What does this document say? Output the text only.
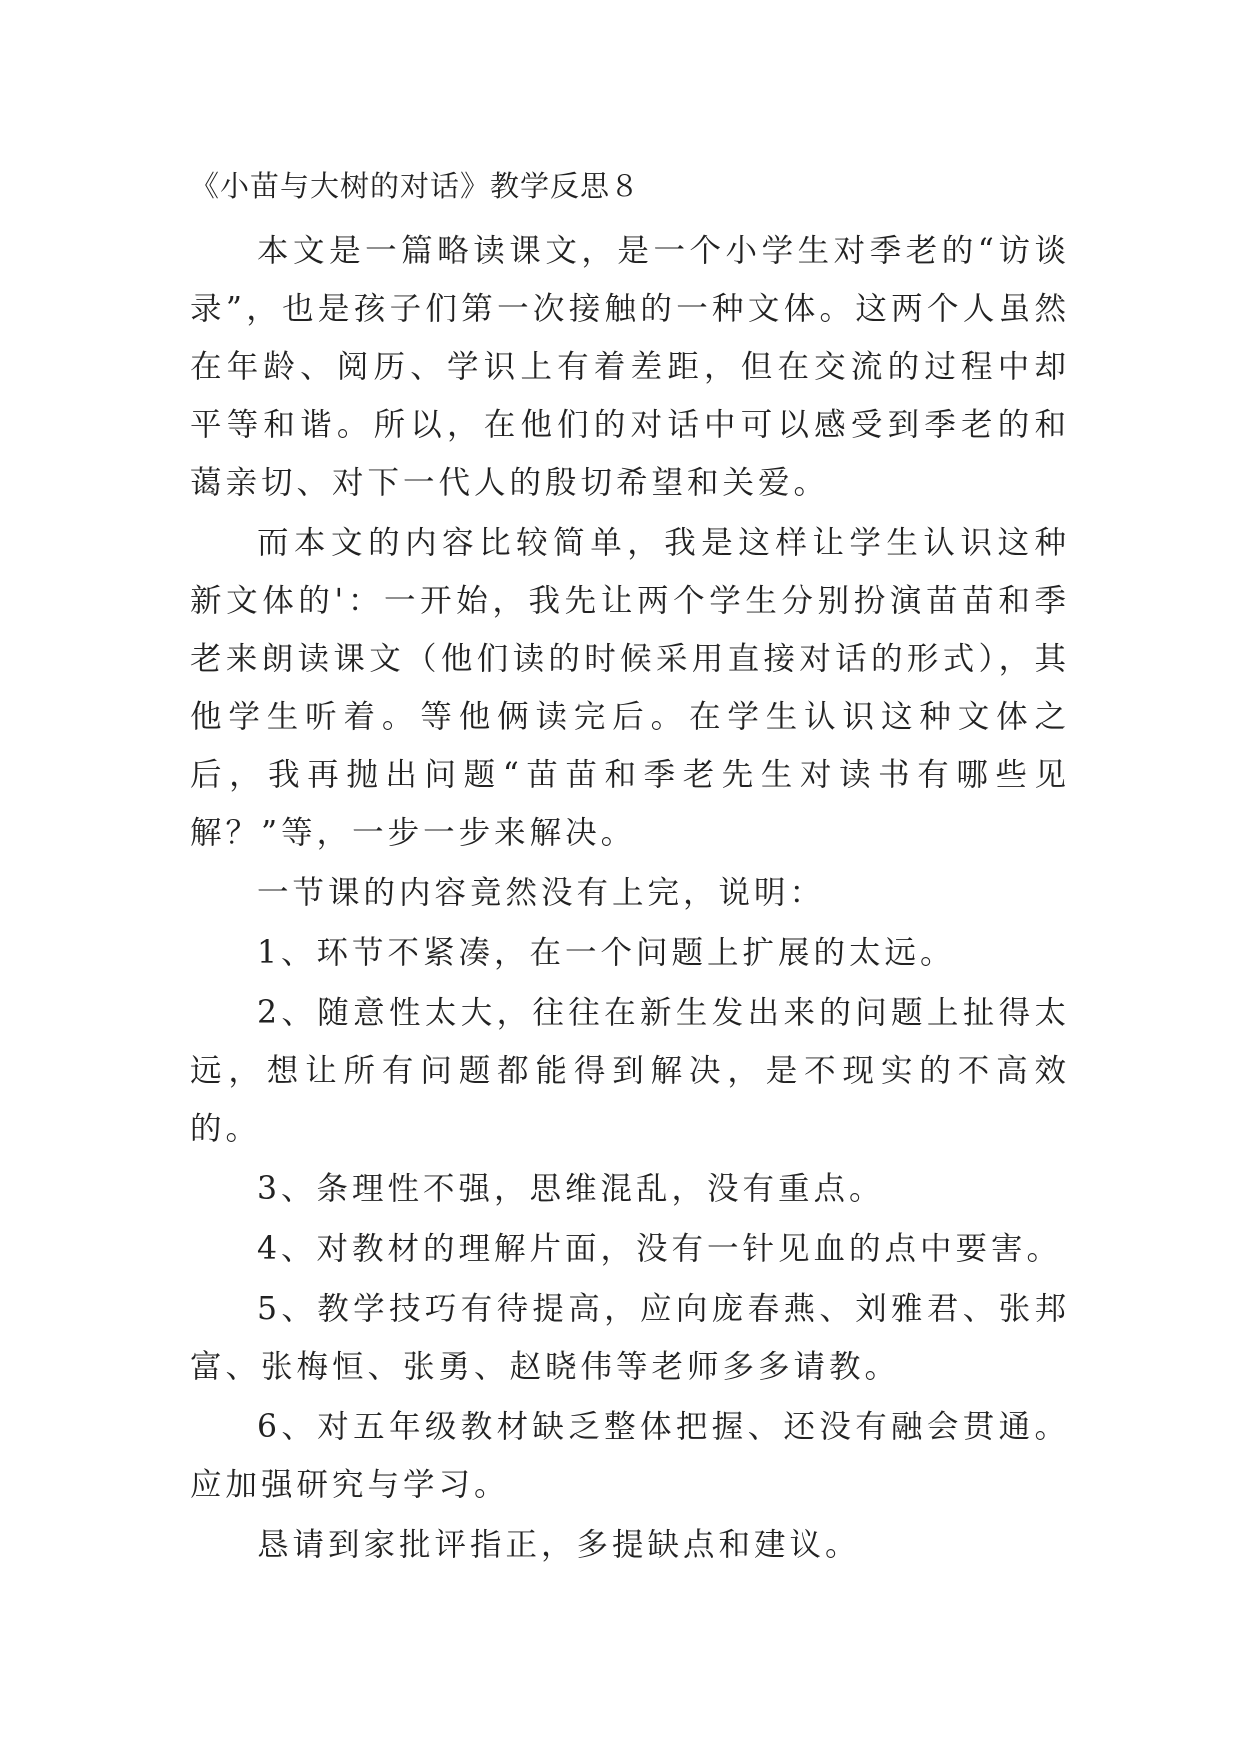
《小苗与大树的对话》教学反思８

本文是一篇略读课文，是一个小学生对季老的“访谈录”，也是孩子们第一次接触的一种文体。这两个人虽然在年龄、阅历、学识上有着差距，但在交流的过程中却平等和谐。所以，在他们的对话中可以感受到季老的和蔼亲切、对下一代人的殷切希望和关爱。

而本文的内容比较简单，我是这样让学生认识这种新文体的'：一开始，我先让两个学生分别扮演苗苗和季老来朗读课文（他们读的时候采用直接对话的形式），其他学生听着。等他俩读完后。在学生认识这种文体之后，我再抛出问题“苗苗和季老先生对读书有哪些见解？”等，一步一步来解决。

一节课的内容竟然没有上完，说明：

1、环节不紧凑，在一个问题上扩展的太远。

2、随意性太大，往往在新生发出来的问题上扯得太远，想让所有问题都能得到解决，是不现实的不高效的。

3、条理性不强，思维混乱，没有重点。

4、对教材的理解片面，没有一针见血的点中要害。

5、教学技巧有待提高，应向庞春燕、刘雅君、张邦富、张梅恒、张勇、赵晓伟等老师多多请教。

6、对五年级教材缺乏整体把握、还没有融会贯通。应加强研究与学习。

恳请到家批评指正，多提缺点和建议。
